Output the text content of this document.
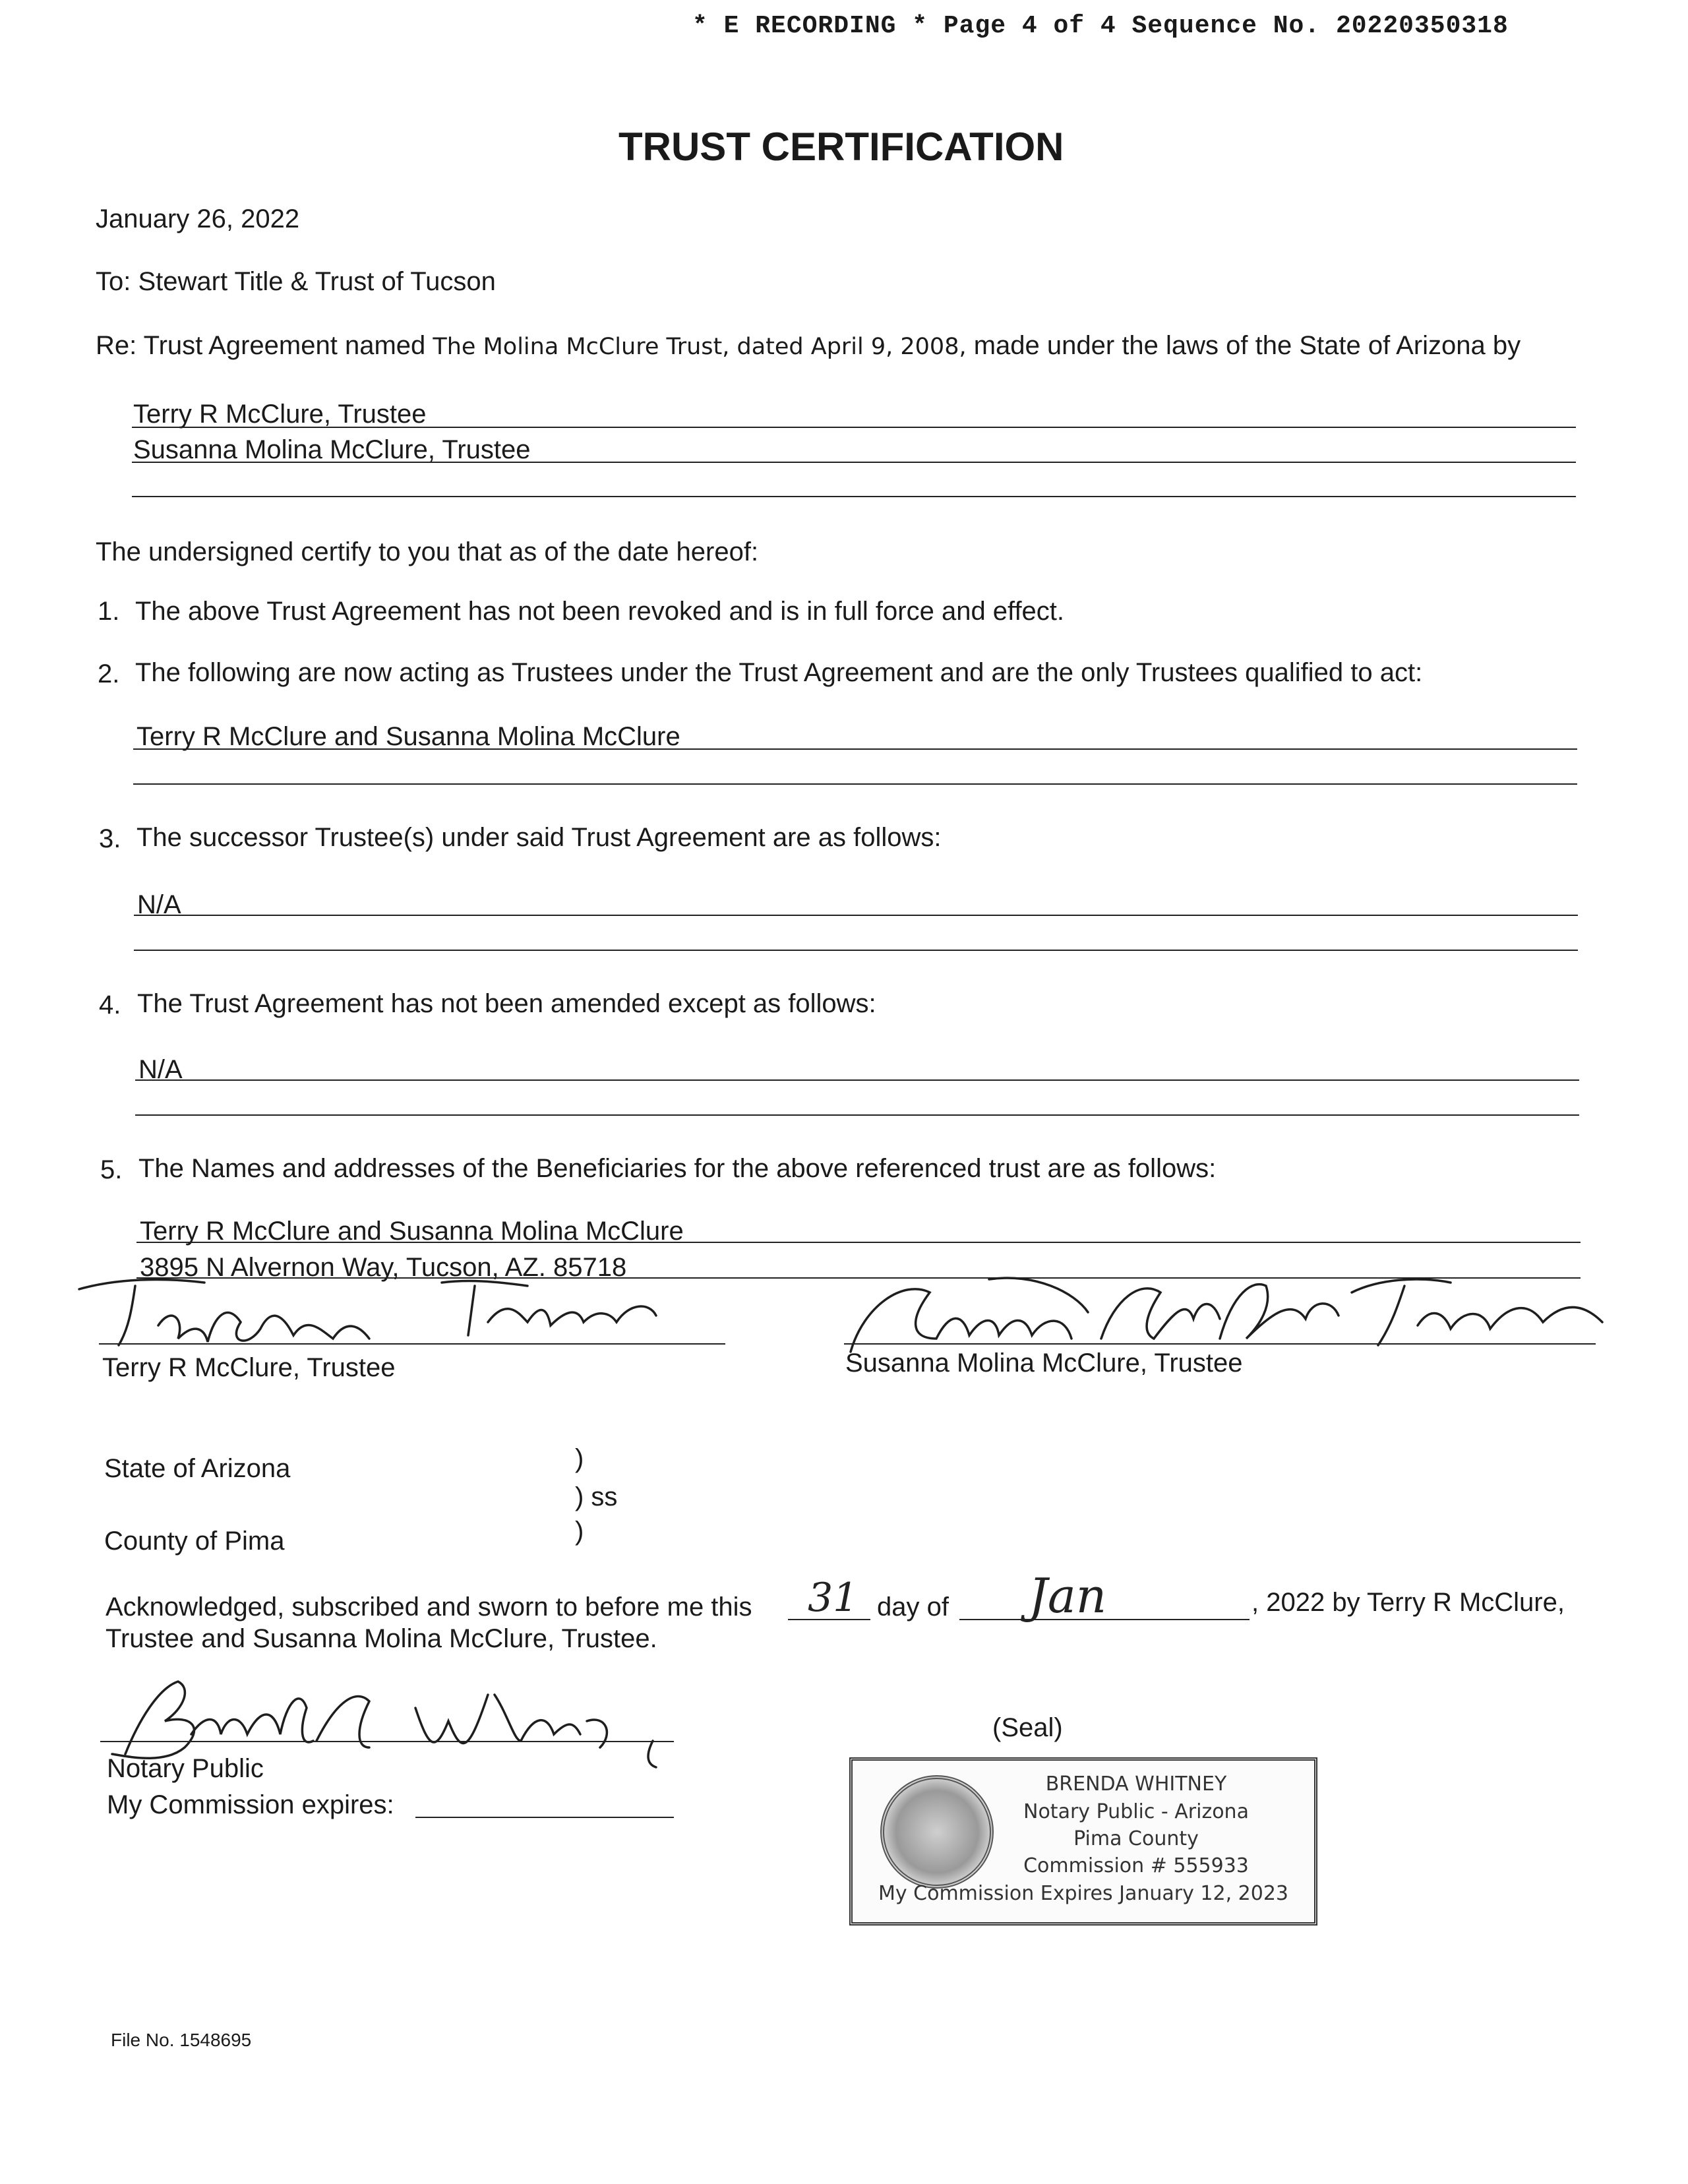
* E RECORDING * Page 4 of 4 Sequence No. 20220350318
TRUST CERTIFICATION
January 26, 2022
To: Stewart Title & Trust of Tucson
Re: Trust Agreement named The Molina McClure Trust, dated April 9, 2008, made under the laws of the State of Arizona by
Terry R McClure, Trustee
Susanna Molina McClure, Trustee
The undersigned certify to you that as of the date hereof:
1. The above Trust Agreement has not been revoked and is in full force and effect.
2. The following are now acting as Trustees under the Trust Agreement and are the only Trustees qualified to act:
Terry R McClure and Susanna Molina McClure
3. The successor Trustee(s) under said Trust Agreement are as follows:
N/A
4. The Trust Agreement has not been amended except as follows:
N/A
5. The Names and addresses of the Beneficiaries for the above referenced trust are as follows:
Terry R McClure and Susanna Molina McClure
3895 N Alvernon Way, Tucson, AZ. 85718
Terry R McClure, Trustee	Susanna Molina McClure, Trustee
State of Arizona	)
) ss
)
County of Pima
Acknowledged, subscribed and sworn to before me this 31 day of Jan	, 2022 by Terry R McClure,
Trustee and Susanna Molina McClure, Trustee.
Notary Public
My Commission expires:
(Seal)
BRENDA WHITNEY
Notary Public - Arizona
Pima County
Commission # 555933
My Commission Expires January 12, 2023
File No. 1548695
